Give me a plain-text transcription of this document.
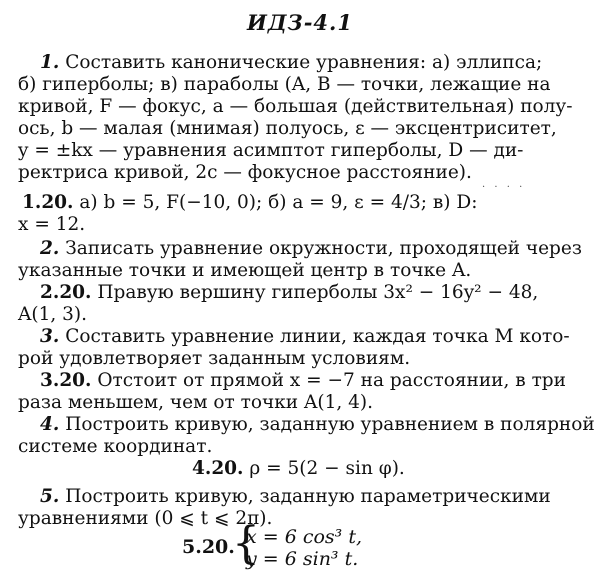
ИДЗ-4.1
1. Составить канонические уравнения: а) эллипса;
б) гиперболы; в) параболы (A, B — точки, лежащие на
кривой, F — фокус, a — большая (действительная) полу-
ось, b — малая (мнимая) полуось, ε — эксцентриситет,
y = ±kx — уравнения асимптот гиперболы, D — ди-
ректриса кривой, 2c — фокусное расстояние).
· · · ·
1.20. а) b = 5, F(−10, 0); б) a = 9, ε = 4/3; в) D:
x = 12.
2. Записать уравнение окружности, проходящей через
указанные точки и имеющей центр в точке A.
2.20. Правую вершину гиперболы 3x² − 16y² − 48,
A(1, 3).
3. Составить уравнение линии, каждая точка M кото-
рой удовлетворяет заданным условиям.
3.20. Отстоит от прямой x = −7 на расстоянии, в три
раза меньшем, чем от точки A(1, 4).
4. Построить кривую, заданную уравнением в полярной
системе координат.
4.20. ρ = 5(2 − sin φ).
5. Построить кривую, заданную параметрическими
уравнениями (0 ⩽ t ⩽ 2π).
5.20.
{
x = 6 cos³ t,
y = 6 sin³ t.
